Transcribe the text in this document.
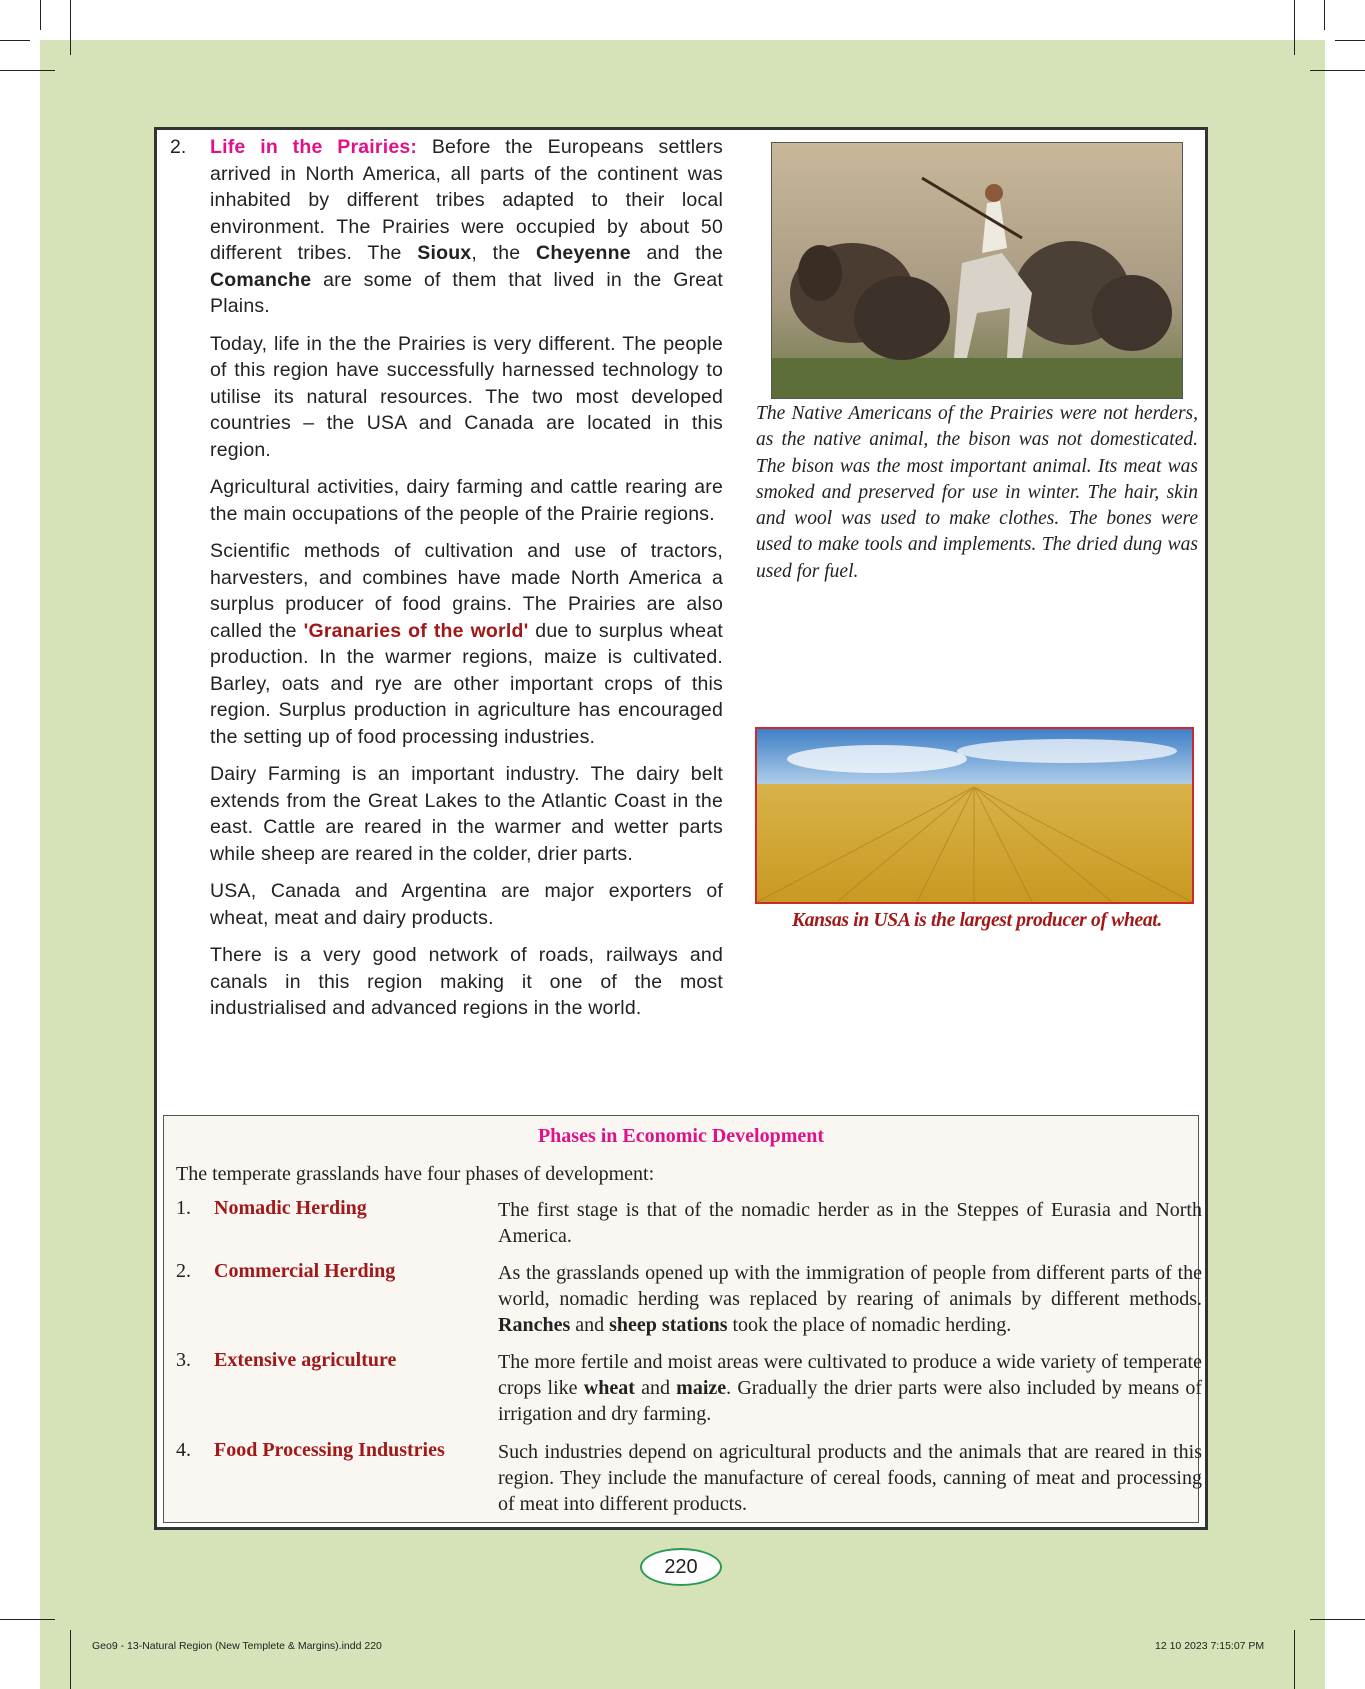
2. Life in the Prairies: Before the Europeans settlers arrived in North America, all parts of the continent was inhabited by different tribes adapted to their local environment. The Prairies were occupied by about 50 different tribes. The Sioux, the Cheyenne and the Comanche are some of them that lived in the Great Plains.

Today, life in the the Prairies is very different. The people of this region have successfully harnessed technology to utilise its natural resources. The two most developed countries – the USA and Canada are located in this region.

Agricultural activities, dairy farming and cattle rearing are the main occupations of the people of the Prairie regions.

Scientific methods of cultivation and use of tractors, harvesters, and combines have made North America a surplus producer of food grains. The Prairies are also called the 'Granaries of the world' due to surplus wheat production. In the warmer regions, maize is cultivated. Barley, oats and rye are other important crops of this region. Surplus production in agriculture has encouraged the setting up of food processing industries.

Dairy Farming is an important industry. The dairy belt extends from the Great Lakes to the Atlantic Coast in the east. Cattle are reared in the warmer and wetter parts while sheep are reared in the colder, drier parts.

USA, Canada and Argentina are major exporters of wheat, meat and dairy products.

There is a very good network of roads, railways and canals in this region making it one of the most industrialised and advanced regions in the world.

The Native Americans of the Prairies were not herders, as the native animal, the bison was not domesticated. The bison was the most important animal. Its meat was smoked and preserved for use in winter. The hair, skin and wool was used to make clothes. The bones were used to make tools and implements. The dried dung was used for fuel.
Kansas in USA is the largest producer of wheat.
Phases in Economic Development
The temperate grasslands have four phases of development:
1. Nomadic Herding	The first stage is that of the nomadic herder as in the Steppes of Eurasia and North America.
2. Commercial Herding	As the grasslands opened up with the immigration of people from different parts of the world, nomadic herding was replaced by rearing of animals by different methods. Ranches and sheep stations took the place of nomadic herding.
3. Extensive agriculture	The more fertile and moist areas were cultivated to produce a wide variety of temperate crops like wheat and maize. Gradually the drier parts were also included by means of irrigation and dry farming.
4. Food Processing Industries	Such industries depend on agricultural products and the animals that are reared in this region. They include the manufacture of cereal foods, canning of meat and processing of meat into different products.
220
Geo9 - 13-Natural Region (New Templete & Margins).indd 220	12 10 2023 7:15:07 PM
